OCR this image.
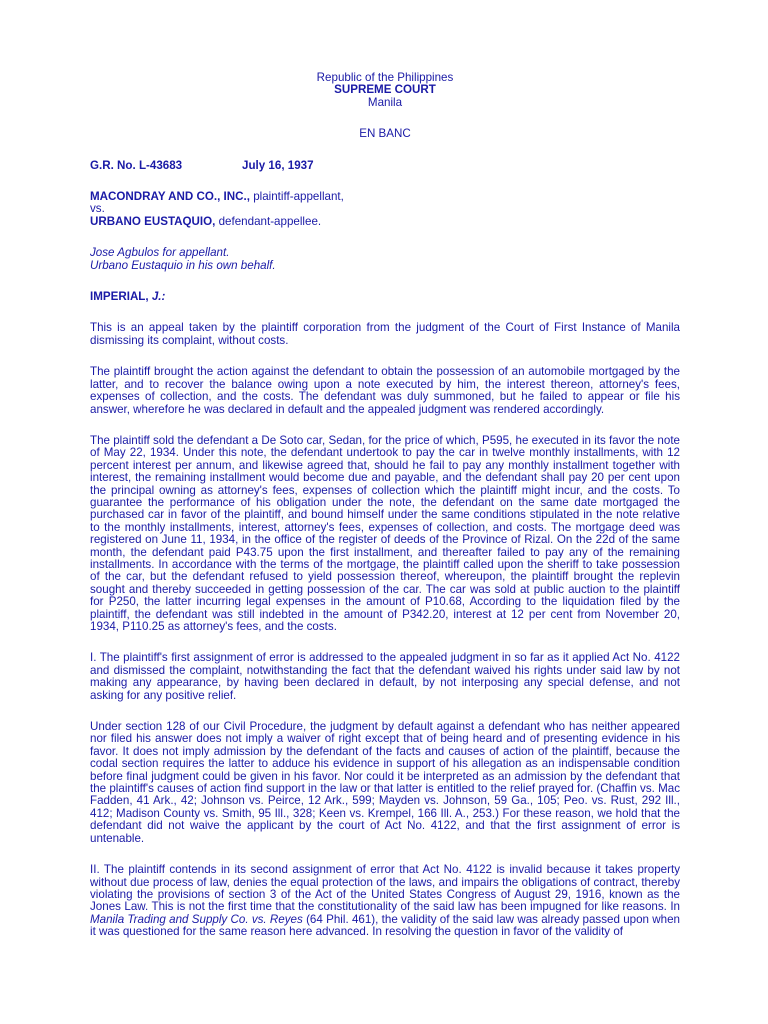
Republic of the Philippines

SUPREME COURT

Manila

EN BANC

G.R. No. L-43683	July 16, 1937

MACONDRAY AND CO., INC., plaintiff-appellant,

vs.

URBANO EUSTAQUIO, defendant-appellee.

Jose Agbulos for appellant.

Urbano Eustaquio in his own behalf.

IMPERIAL, J.:

This is an appeal taken by the plaintiff corporation from the judgment of the Court of First Instance of Manila dismissing its complaint, without costs.

The plaintiff brought the action against the defendant to obtain the possession of an automobile mortgaged by the latter, and to recover the balance owing upon a note executed by him, the interest thereon, attorney's fees, expenses of collection, and the costs. The defendant was duly summoned, but he failed to appear or file his answer, wherefore he was declared in default and the appealed judgment was rendered accordingly.

The plaintiff sold the defendant a De Soto car, Sedan, for the price of which, P595, he executed in its favor the note of May 22, 1934. Under this note, the defendant undertook to pay the car in twelve monthly installments, with 12 percent interest per annum, and likewise agreed that, should he fail to pay any monthly installment together with interest, the remaining installment would become due and payable, and the defendant shall pay 20 per cent upon the principal owning as attorney's fees, expenses of collection which the plaintiff might incur, and the costs. To guarantee the performance of his obligation under the note, the defendant on the same date mortgaged the purchased car in favor of the plaintiff, and bound himself under the same conditions stipulated in the note relative to the monthly installments, interest, attorney's fees, expenses of collection, and costs. The mortgage deed was registered on June 11, 1934, in the office of the register of deeds of the Province of Rizal. On the 22d of the same month, the defendant paid P43.75 upon the first installment, and thereafter failed to pay any of the remaining installments. In accordance with the terms of the mortgage, the plaintiff called upon the sheriff to take possession of the car, but the defendant refused to yield possession thereof, whereupon, the plaintiff brought the replevin sought and thereby succeeded in getting possession of the car. The car was sold at public auction to the plaintiff for P250, the latter incurring legal expenses in the amount of P10.68, According to the liquidation filed by the plaintiff, the defendant was still indebted in the amount of P342.20, interest at 12 per cent from November 20, 1934, P110.25 as attorney's fees, and the costs.

I. The plaintiff's first assignment of error is addressed to the appealed judgment in so far as it applied Act No. 4122 and dismissed the complaint, notwithstanding the fact that the defendant waived his rights under said law by not making any appearance, by having been declared in default, by not interposing any special defense, and not asking for any positive relief.

Under section 128 of our Civil Procedure, the judgment by default against a defendant who has neither appeared nor filed his answer does not imply a waiver of right except that of being heard and of presenting evidence in his favor. It does not imply admission by the defendant of the facts and causes of action of the plaintiff, because the codal section requires the latter to adduce his evidence in support of his allegation as an indispensable condition before final judgment could be given in his favor. Nor could it be interpreted as an admission by the defendant that the plaintiff's causes of action find support in the law or that latter is entitled to the relief prayed for. (Chaffin vs. Mac Fadden, 41 Ark., 42; Johnson vs. Peirce, 12 Ark., 599; Mayden vs. Johnson, 59 Ga., 105; Peo. vs. Rust, 292 Ill., 412; Madison County vs. Smith, 95 Ill., 328; Keen vs. Krempel, 166 Ill. A., 253.) For these reason, we hold that the defendant did not waive the applicant by the court of Act No. 4122, and that the first assignment of error is untenable.

II. The plaintiff contends in its second assignment of error that Act No. 4122 is invalid because it takes property without due process of law, denies the equal protection of the laws, and impairs the obligations of contract, thereby violating the provisions of section 3 of the Act of the United States Congress of August 29, 1916, known as the Jones Law. This is not the first time that the constitutionality of the said law has been impugned for like reasons. In Manila Trading and Supply Co. vs. Reyes (64 Phil. 461), the validity of the said law was already passed upon when it was questioned for the same reason here advanced. In resolving the question in favor of the validity of
